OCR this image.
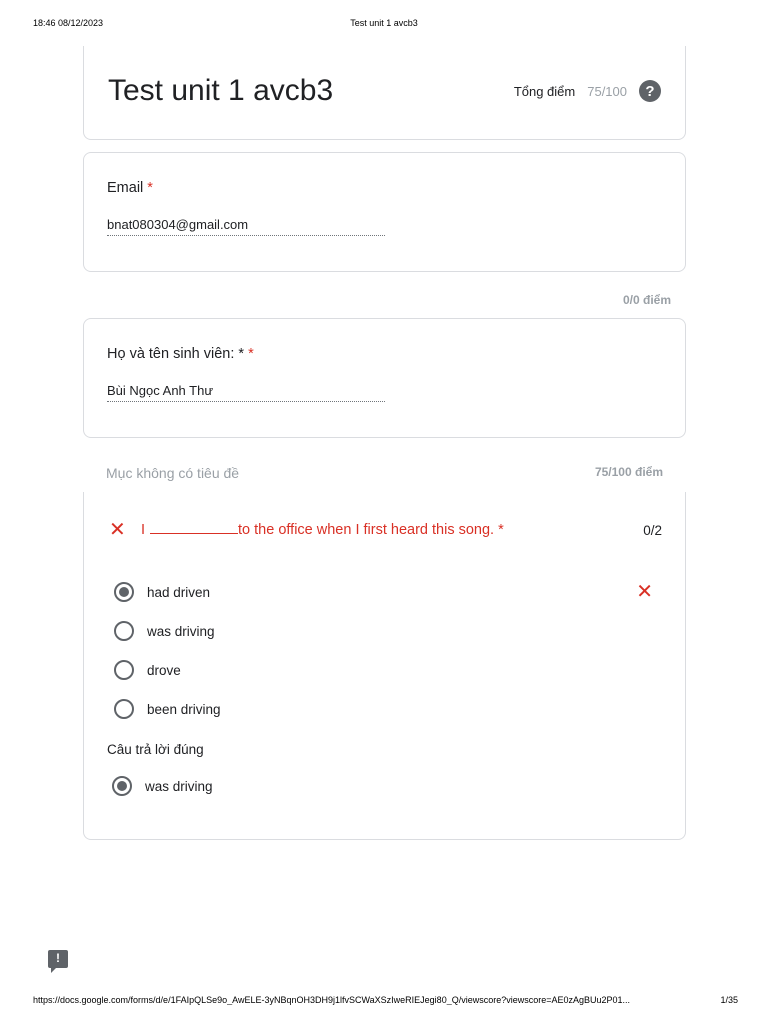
18:46 08/12/2023	Test unit 1 avcb3
Test unit 1 avcb3	Tổng điểm 75/100	?
Email *
bnat080304@gmail.com
0/0 điểm
Họ và tên sinh viên: * *
Bùi Ngọc Anh Thư
Mục không có tiêu đề	75/100 điểm
✕ I	to the office when I first heard this song. *	0/2
had driven	✕
was driving
drove
been driving
Câu trả lời đúng
was driving
!
https://docs.google.com/forms/d/e/1FAIpQLSe9o_AwELE-3yNBqnOH3DH9j1lfvSCWaXSzIweRIEJegi80_Q/viewscore?viewscore=AE0zAgBUu2P01...	1/35
